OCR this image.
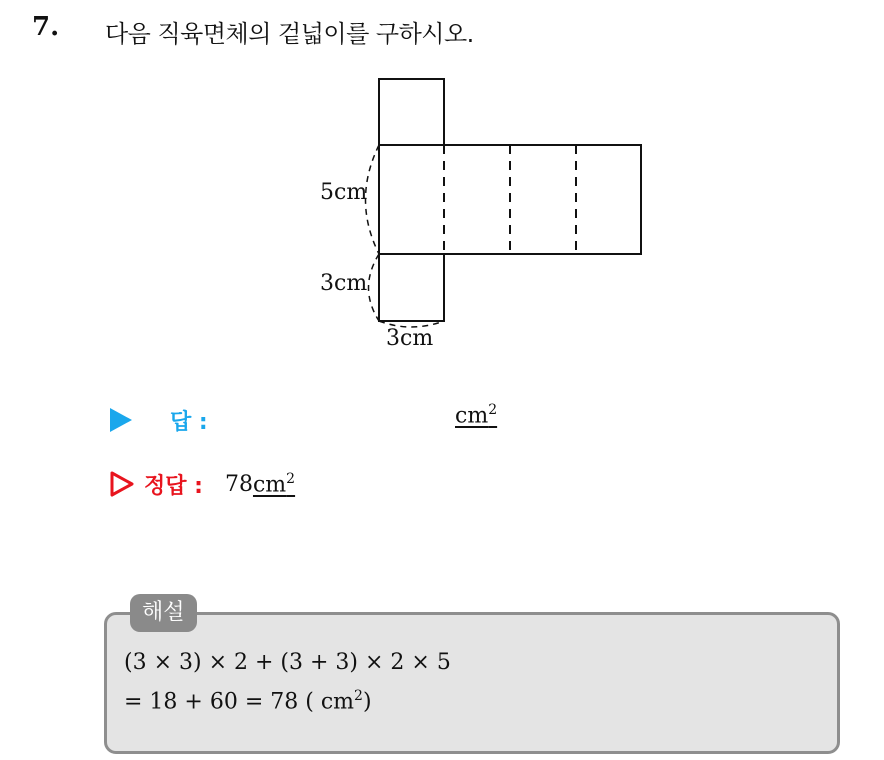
7. 다음 직육면체의 겉넓이를 구하시오.
5cm
3cm
3cm
답 :	$cm^2$
정답 : 78 $cm^2$
해설
(3 × 3) × 2 + (3 + 3) × 2 × 5
= 18 + 60 = 78 ( $cm^2$)
